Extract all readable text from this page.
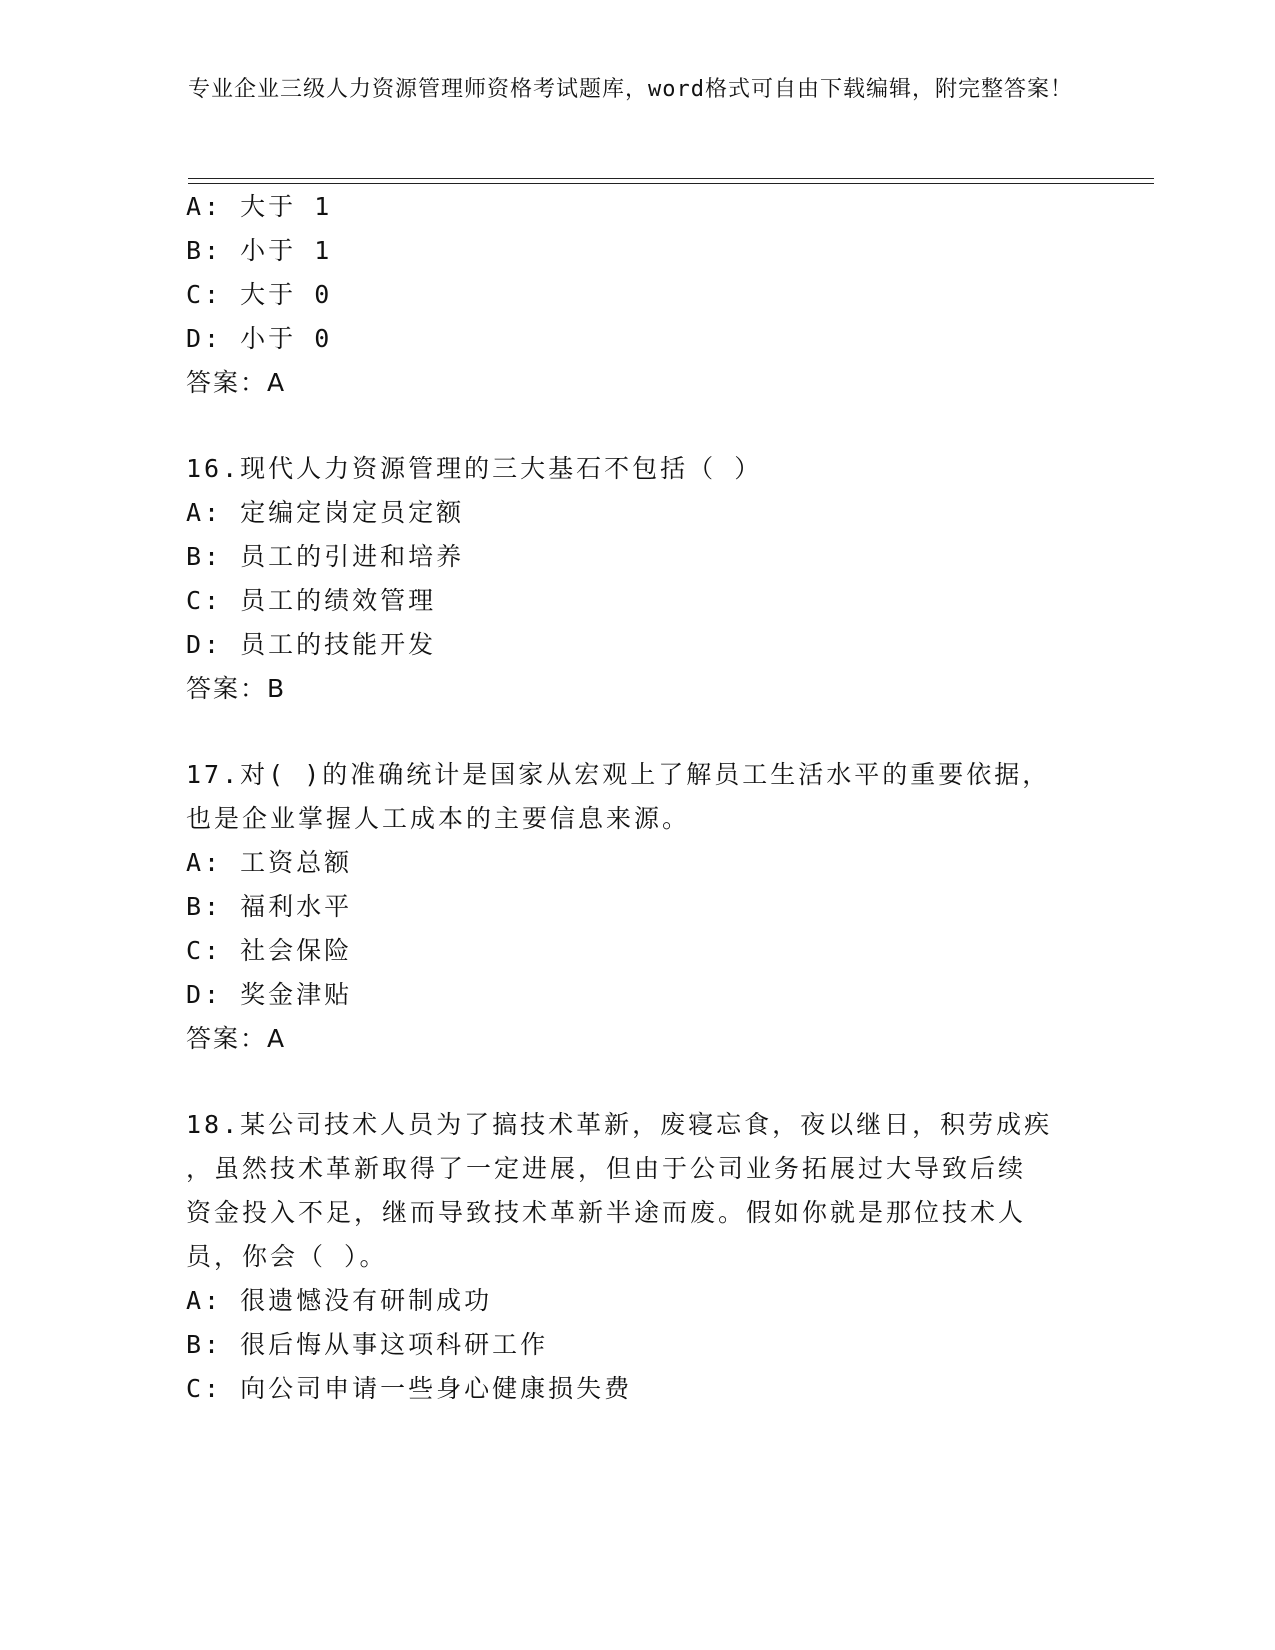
专业企业三级人力资源管理师资格考试题库，word格式可自由下载编辑，附完整答案！
A: 大于 1
B: 小于 1
C: 大于 0
D: 小于 0
答案：A
16.现代人力资源管理的三大基石不包括（ ）
A: 定编定岗定员定额
B: 员工的引进和培养
C: 员工的绩效管理
D: 员工的技能开发
答案：B
17.对( )的准确统计是国家从宏观上了解员工生活水平的重要依据，
也是企业掌握人工成本的主要信息来源。
A: 工资总额
B: 福利水平
C: 社会保险
D: 奖金津贴
答案：A
18.某公司技术人员为了搞技术革新，废寝忘食，夜以继日，积劳成疾
，虽然技术革新取得了一定进展，但由于公司业务拓展过大导致后续
资金投入不足，继而导致技术革新半途而废。假如你就是那位技术人
员，你会（ ）。
A: 很遗憾没有研制成功
B: 很后悔从事这项科研工作
C: 向公司申请一些身心健康损失费
